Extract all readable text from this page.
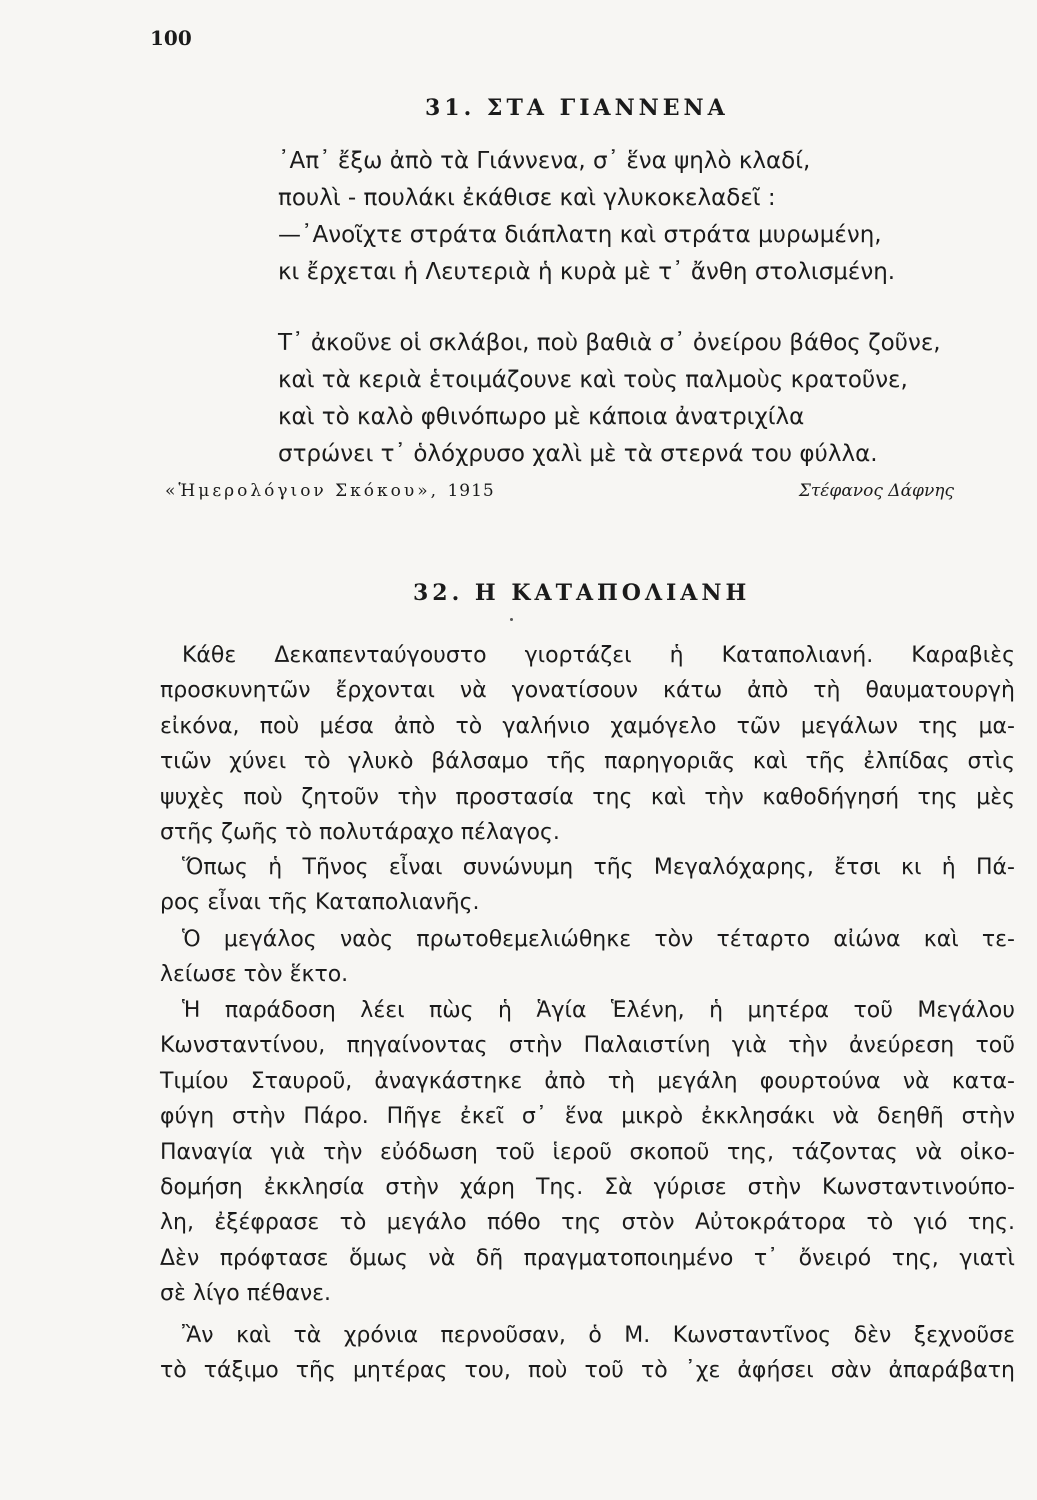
100
31. ΣΤΑ ΓΙΑΝΝΕΝΑ
᾿Απ᾿ ἔξω ἀπὸ τὰ Γιάννενα, σ᾿ ἕνα ψηλὸ κλαδί,
πουλὶ - πουλάκι ἐκάθισε καὶ γλυκοκελαδεῖ :
—᾿Ανοῖχτε στράτα διάπλατη καὶ στράτα μυρωμένη,
κι ἔρχεται ἡ Λευτεριὰ ἡ κυρὰ μὲ τ᾿ ἄνθη στολισμένη.
Τ᾿ ἀκοῦνε οἱ σκλάβοι, ποὺ βαθιὰ σ᾿ ὀνείρου βάθος ζοῦνε,
καὶ τὰ κεριὰ ἑτοιμάζουνε καὶ τοὺς παλμοὺς κρατοῦνε,
καὶ τὸ καλὸ φθινόπωρο μὲ κάποια ἀνατριχίλα
στρώνει τ᾿ ὁλόχρυσο χαλὶ μὲ τὰ στερνά του φύλλα.
«Ἡμερολόγιον Σκόκου», 1915	Στέφανος Δάφνης
32. Η ΚΑΤΑΠΟΛΙΑΝΗ
Κάθε Δεκαπενταύγουστο γιορτάζει ἡ Καταπολιανή. Καραβιὲς
προσκυνητῶν ἔρχονται νὰ γονατίσουν κάτω ἀπὸ τὴ θαυματουργὴ
εἰκόνα, ποὺ μέσα ἀπὸ τὸ γαλήνιο χαμόγελο τῶν μεγάλων της μα-
τιῶν χύνει τὸ γλυκὸ βάλσαμο τῆς παρηγοριᾶς καὶ τῆς ἐλπίδας στὶς
ψυχὲς ποὺ ζητοῦν τὴν προστασία της καὶ τὴν καθοδήγησή της μὲς
στῆς ζωῆς τὸ πολυτάραχο πέλαγος.
Ὅπως ἡ Τῆνος εἶναι συνώνυμη τῆς Μεγαλόχαρης, ἔτσι κι ἡ Πά-
ρος εἶναι τῆς Καταπολιανῆς.
Ὁ μεγάλος ναὸς πρωτοθεμελιώθηκε τὸν τέταρτο αἰώνα καὶ τε-
λείωσε τὸν ἕκτο.
Ἡ παράδοση λέει πὼς ἡ Ἁγία Ἑλένη, ἡ μητέρα τοῦ Μεγάλου
Κωνσταντίνου, πηγαίνοντας στὴν Παλαιστίνη γιὰ τὴν ἀνεύρεση τοῦ
Τιμίου Σταυροῦ, ἀναγκάστηκε ἀπὸ τὴ μεγάλη φουρτούνα νὰ κατα-
φύγη στὴν Πάρο. Πῆγε ἐκεῖ σ᾿ ἕνα μικρὸ ἐκκλησάκι νὰ δεηθῆ στὴν
Παναγία γιὰ τὴν εὐόδωση τοῦ ἱεροῦ σκοποῦ της, τάζοντας νὰ οἰκο-
δομήση ἐκκλησία στὴν χάρη Της. Σὰ γύρισε στὴν Κωνσταντινούπο-
λη, ἐξέφρασε τὸ μεγάλο πόθο της στὸν Αὐτοκράτορα τὸ γιό της.
Δὲν πρόφτασε ὅμως νὰ δῆ πραγματοποιημένο τ᾿ ὄνειρό της, γιατὶ
σὲ λίγο πέθανε.
Ἂν καὶ τὰ χρόνια περνοῦσαν, ὁ Μ. Κωνσταντῖνος δὲν ξεχνοῦσε
τὸ τάξιμο τῆς μητέρας του, ποὺ τοῦ τὸ ᾿χε ἀφήσει σὰν ἀπαράβατη
